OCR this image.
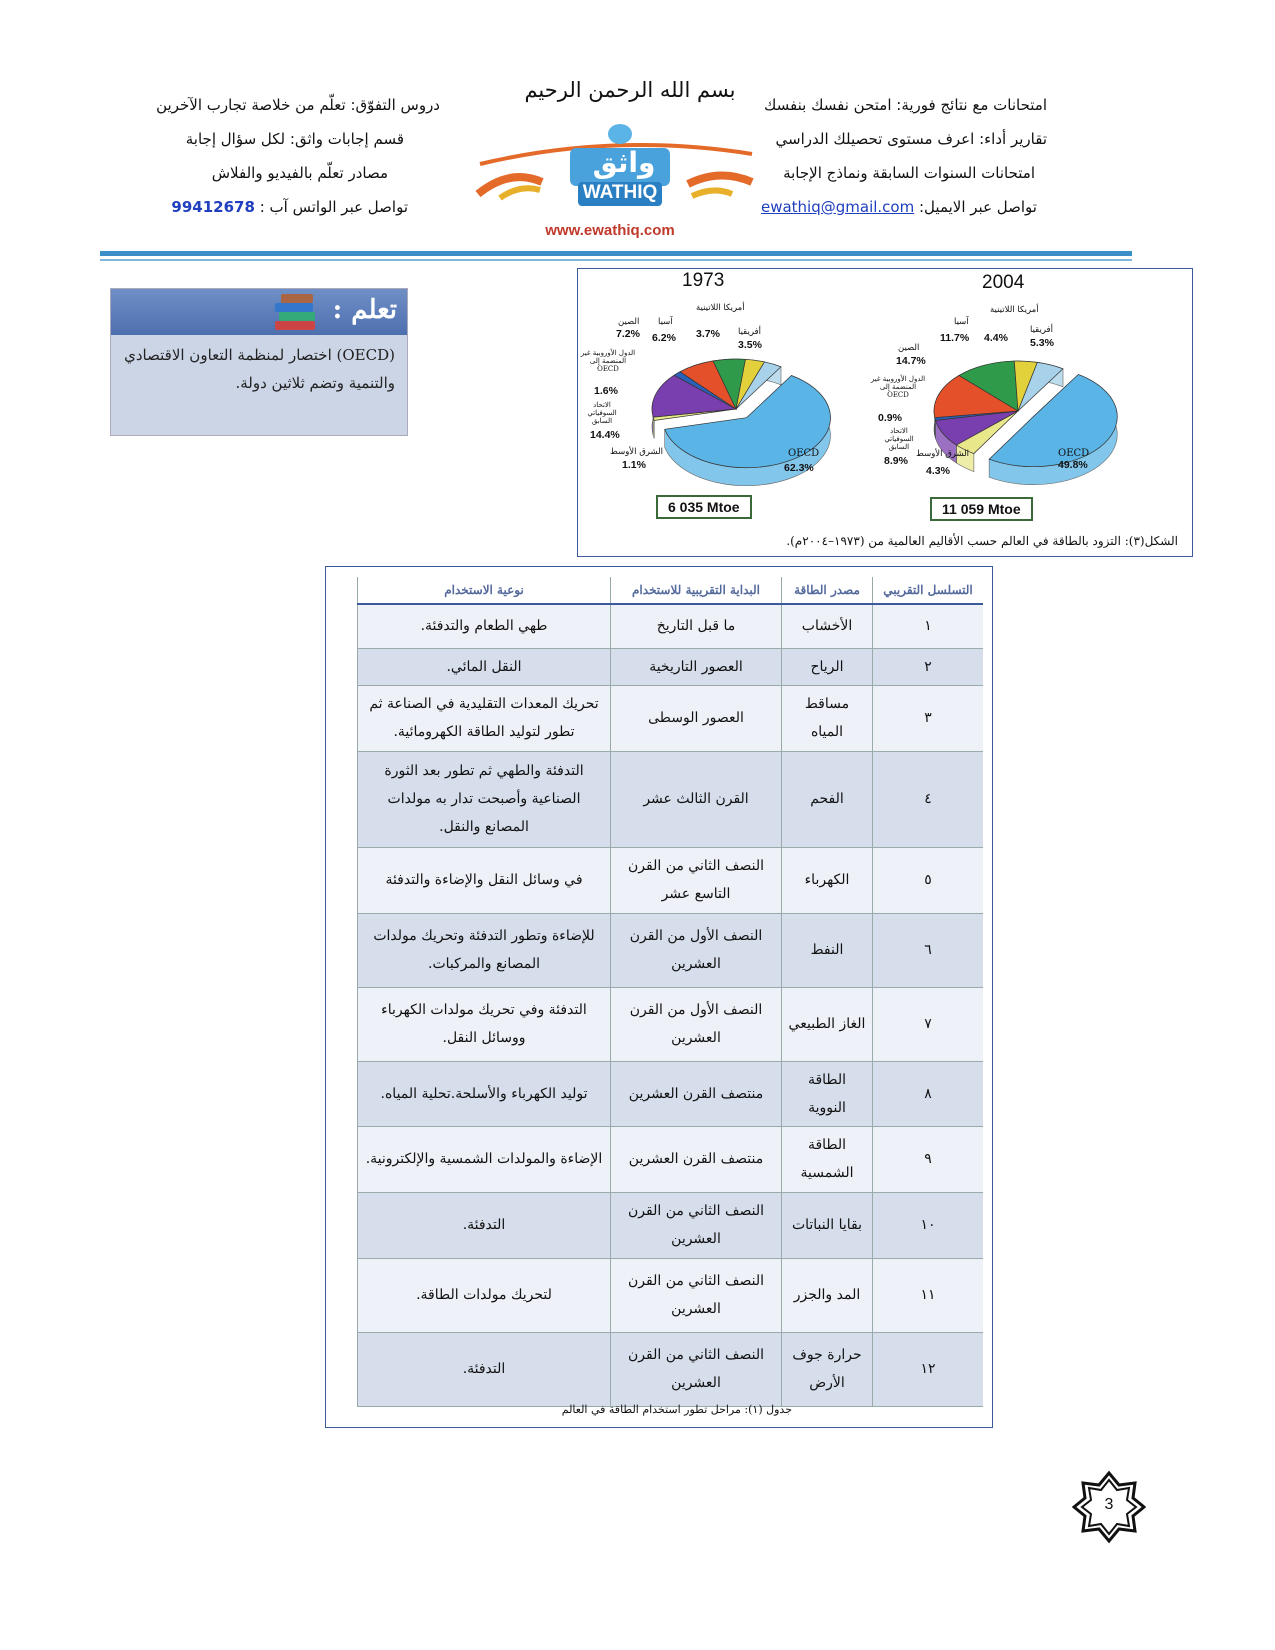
بسم الله الرحمن الرحيم
امتحانات مع نتائج فورية: امتحن نفسك بنفسك
تقارير أداء: اعرف مستوى تحصيلك الدراسي
امتحانات السنوات السابقة ونماذج الإجابة
تواصل عبر الايميل: ewathiq@gmail.com
دروس التفوّق: تعلّم من خلاصة تجارب الآخرين
قسم إجابات واثق: لكل سؤال إجابة
مصادر تعلّم بالفيديو والفلاش
تواصل عبر الواتس آب : 99412678
واثق
WATHIQ
www.ewathiq.com
تعلم :
(OECD) اختصار لمنظمة التعاون الاقتصادي والتنمية وتضم ثلاثين دولة.
1973	2004
أمريكا اللاتينية
آسيا
الصين
أفريقيا
7.2% 6.2% 3.7%
3.5%
الدول الأوروبية غير المنضمة إلى OECD
1.6%
الاتحاد السوفياتي السابق
14.4%
الشرق الأوسط
1.1%
OECD
62.3%
أمريكا اللاتينية
آسيا
أفريقيا
11.7% 4.4% 5.3%
الصين
14.7%
الدول الأوروبية غير المنضمة إلى OECD
0.9%
الاتحاد السوفياتي السابق
8.9%
الشرق الأوسط
4.3%
OECD
49.8%
6 035 Mtoe	11 059 Mtoe
الشكل(٣): التزود بالطاقة في العالم حسب الأقاليم العالمية من (١٩٧٣–٢٠٠٤م).
التسلسل التقريبي	مصدر الطاقة	البداية التقريبية للاستخدام	نوعية الاستخدام
١	الأخشاب	ما قبل التاريخ	طهي الطعام والتدفئة.
٢	الرياح	العصور التاريخية	النقل المائي.
٣	مساقط المياه	العصور الوسطى	تحريك المعدات التقليدية في الصناعة ثم تطور لتوليد الطاقة الكهرومائية.
٤	الفحم	القرن الثالث عشر	التدفئة والطهي ثم تطور بعد الثورة الصناعية وأصبحت تدار به مولدات المصانع والنقل.
٥	الكهرباء	النصف الثاني من القرن التاسع عشر	في وسائل النقل والإضاءة والتدفئة
٦	النفط	النصف الأول من القرن العشرين	للإضاءة وتطور التدفئة وتحريك مولدات المصانع والمركبات.
٧	الغاز الطبيعي	النصف الأول من القرن العشرين	التدفئة وفي تحريك مولدات الكهرباء ووسائل النقل.
٨	الطاقة النووية	منتصف القرن العشرين	توليد الكهرباء والأسلحة.تحلية المياه.
٩	الطاقة الشمسية	منتصف القرن العشرين	الإضاءة والمولدات الشمسية والإلكترونية.
١٠	بقايا النباتات	النصف الثاني من القرن العشرين	التدفئة.
١١	المد والجزر	النصف الثاني من القرن العشرين	لتحريك مولدات الطاقة.
١٢	حرارة جوف الأرض	النصف الثاني من القرن العشرين	التدفئة.
جدول (١): مراحل تطور استخدام الطاقة في العالم
3
